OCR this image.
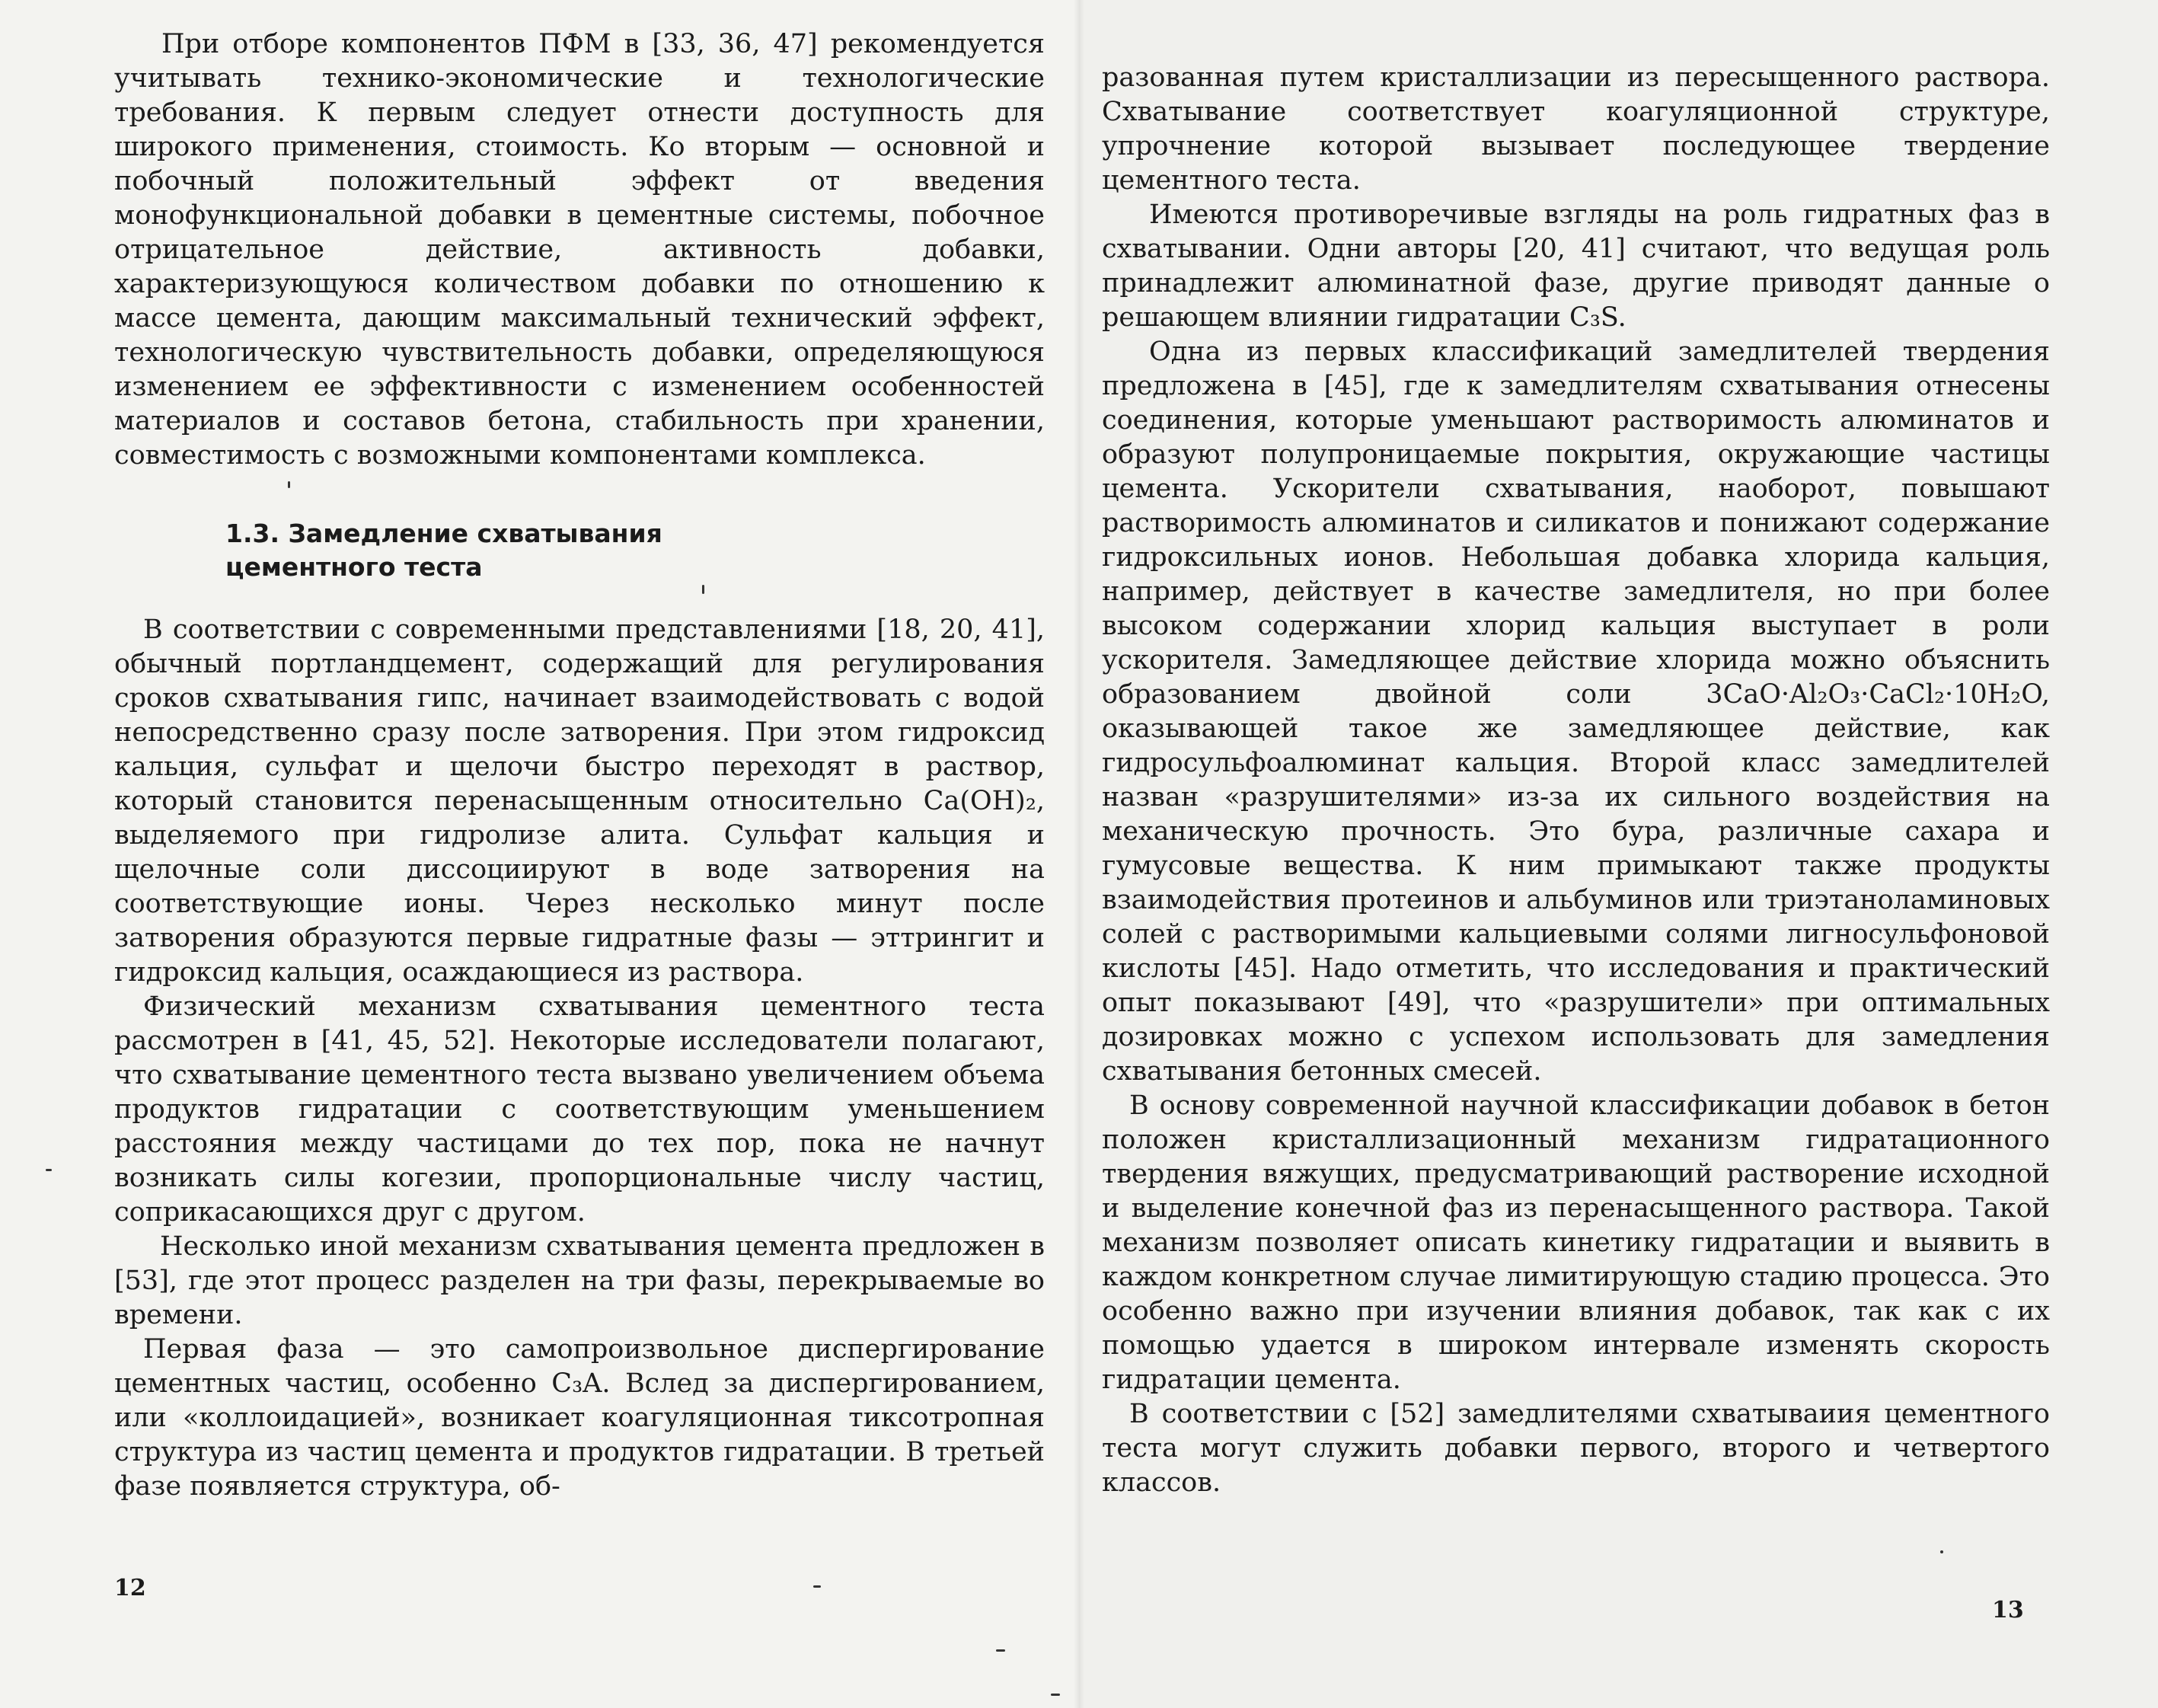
При отборе компонентов ПФМ в [33, 36, 47] рекомендуется учитывать технико-экономические и технологические требования. К первым следует отнести доступность для широкого применения, стоимость. Ко вторым — основной и побочный положительный эффект от введения монофункциональной добавки в цементные системы, побочное отрицательное действие, активность добавки, характеризующуюся количеством добавки по отношению к массе цемента, дающим максимальный технический эффект, технологическую чувствительность добавки, определяющуюся изменением ее эффективности с изменением особенностей материалов и составов бетона, стабильность при хранении, совместимость с возможными компонентами комплекса.

1.3. Замедление схватывания
цементного теста

В соответствии с современными представлениями [18, 20, 41], обычный портландцемент, содержащий для регулирования сроков схватывания гипс, начинает взаимодействовать с водой непосредственно сразу после затворения. При этом гидроксид кальция, сульфат и щелочи быстро переходят в раствор, который становится перенасыщенным относительно Ca(OH)₂, выделяемого при гидролизе алита. Сульфат кальция и щелочные соли диссоциируют в воде затворения на соответствующие ионы. Через несколько минут после затворения образуются первые гидратные фазы — эттрингит и гидроксид кальция, осаждающиеся из раствора.

Физический механизм схватывания цементного теста рассмотрен в [41, 45, 52]. Некоторые исследователи полагают, что схватывание цементного теста вызвано увеличением объема продуктов гидратации с соответствующим уменьшением расстояния между частицами до тех пор, пока не начнут возникать силы когезии, пропорциональные числу частиц, соприкасающихся друг с другом.

Несколько иной механизм схватывания цемента предложен в [53], где этот процесс разделен на три фазы, перекрываемые во времени.

Первая фаза — это самопроизвольное диспергирование цементных частиц, особенно C₃A. Вслед за диспергированием, или «коллоидацией», возникает коагуляционная тиксотропная структура из частиц цемента и продуктов гидратации. В третьей фазе появляется структура, об-

разованная путем кристаллизации из пересыщенного раствора. Схватывание соответствует коагуляционной структуре, упрочнение которой вызывает последующее твердение цементного теста.

Имеются противоречивые взгляды на роль гидратных фаз в схватывании. Одни авторы [20, 41] считают, что ведущая роль принадлежит алюминатной фазе, другие приводят данные о решающем влиянии гидратации C₃S.

Одна из первых классификаций замедлителей твердения предложена в [45], где к замедлителям схватывания отнесены соединения, которые уменьшают растворимость алюминатов и образуют полупроницаемые покрытия, окружающие частицы цемента. Ускорители схватывания, наоборот, повышают растворимость алюминатов и силикатов и понижают содержание гидроксильных ионов. Небольшая добавка хлорида кальция, например, действует в качестве замедлителя, но при более высоком содержании хлорид кальция выступает в роли ускорителя. Замедляющее действие хлорида можно объяснить образованием двойной соли 3CaO·Al₂O₃·CaCl₂·10H₂O, оказывающей такое же замедляющее действие, как гидросульфоалюминат кальция. Второй класс замедлителей назван «разрушителями» из-за их сильного воздействия на механическую прочность. Это бура, различные сахара и гумусовые вещества. К ним примыкают также продукты взаимодействия протеинов и альбуминов или триэтаноламиновых солей с растворимыми кальциевыми солями лигносульфоновой кислоты [45]. Надо отметить, что исследования и практический опыт показывают [49], что «разрушители» при оптимальных дозировках можно с успехом использовать для замедления схватывания бетонных смесей.

В основу современной научной классификации добавок в бетон положен кристаллизационный механизм гидратационного твердения вяжущих, предусматривающий растворение исходной и выделение конечной фаз из перенасыщенного раствора. Такой механизм позволяет описать кинетику гидратации и выявить в каждом конкретном случае лимитирующую стадию процесса. Это особенно важно при изучении влияния добавок, так как с их помощью удается в широком интервале изменять скорость гидратации цемента.

В соответствии с [52] замедлителями схватываиия цементного теста могут служить добавки первого, второго и четвертого классов.

12
13
